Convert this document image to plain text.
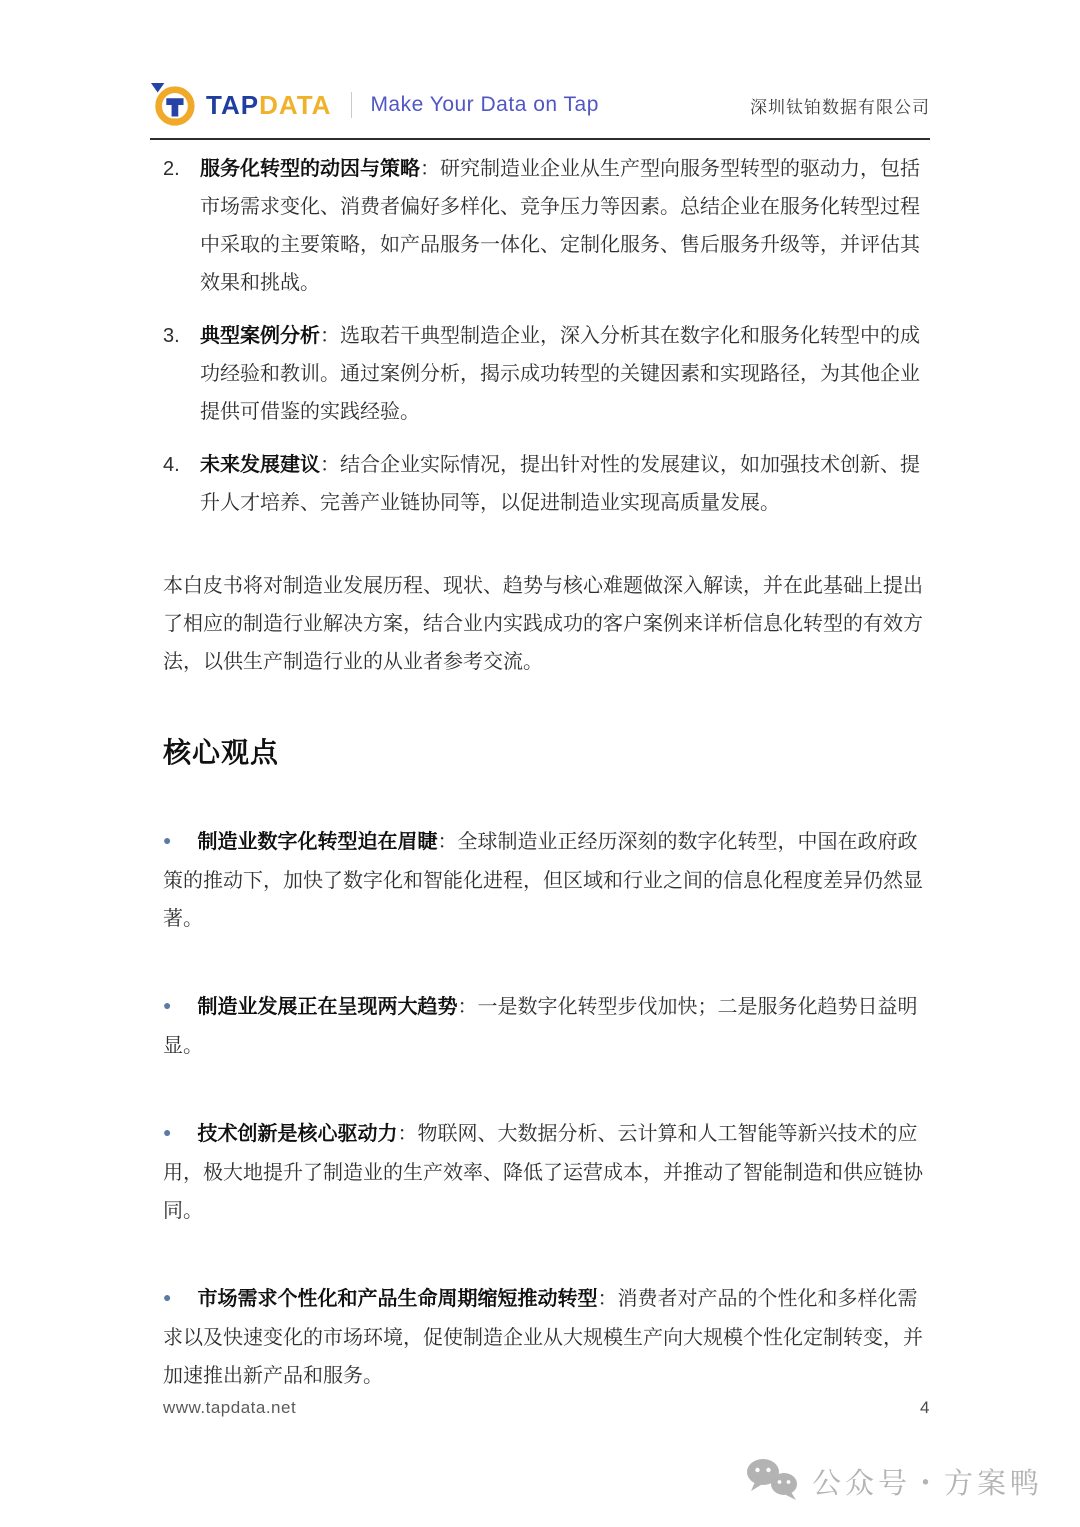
TAPDATA Make Your Data on Tap	深圳钛铂数据有限公司
2.	服务化转型的动因与策略：研究制造业企业从生产型向服务型转型的驱动力，包括市场需求变化、消费者偏好多样化、竞争压力等因素。总结企业在服务化转型过程中采取的主要策略，如产品服务一体化、定制化服务、售后服务升级等，并评估其效果和挑战。

3.	典型案例分析：选取若干典型制造企业，深入分析其在数字化和服务化转型中的成功经验和教训。通过案例分析，揭示成功转型的关键因素和实现路径，为其他企业提供可借鉴的实践经验。

4.	未来发展建议：结合企业实际情况，提出针对性的发展建议，如加强技术创新、提升人才培养、完善产业链协同等，以促进制造业实现高质量发展。

本白皮书将对制造业发展历程、现状、趋势与核心难题做深入解读，并在此基础上提出了相应的制造行业解决方案，结合业内实践成功的客户案例来详析信息化转型的有效方法，以供生产制造行业的从业者参考交流。

核心观点

● 制造业数字化转型迫在眉睫：全球制造业正经历深刻的数字化转型，中国在政府政策的推动下，加快了数字化和智能化进程，但区域和行业之间的信息化程度差异仍然显著。

● 制造业发展正在呈现两大趋势：一是数字化转型步伐加快；二是服务化趋势日益明显。

● 技术创新是核心驱动力：物联网、大数据分析、云计算和人工智能等新兴技术的应用，极大地提升了制造业的生产效率、降低了运营成本，并推动了智能制造和供应链协同。

● 市场需求个性化和产品生命周期缩短推动转型：消费者对产品的个性化和多样化需求以及快速变化的市场环境，促使制造企业从大规模生产向大规模个性化定制转变，并加速推出新产品和服务。

www.tapdata.net	4
公众号・方案鸭
